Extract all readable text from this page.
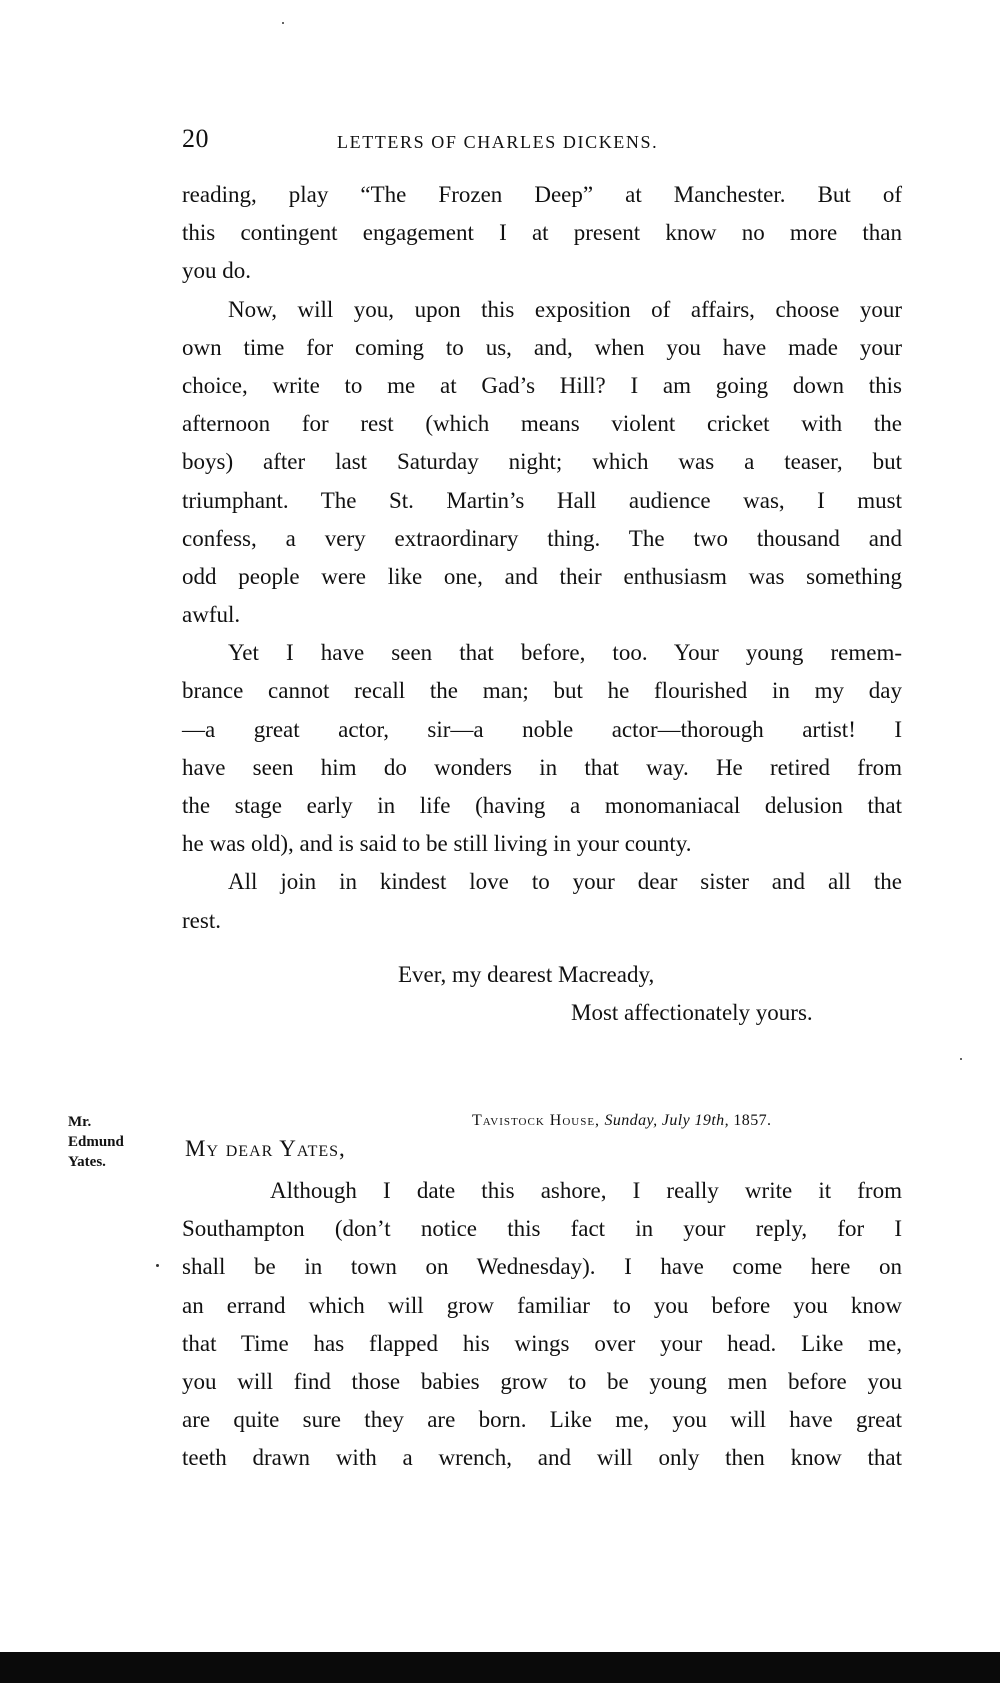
20	LETTERS OF CHARLES DICKENS.
reading, play “The Frozen Deep” at Manchester. But of
this contingent engagement I at present know no more than
you do.
Now, will you, upon this exposition of affairs, choose your
own time for coming to us, and, when you have made your
choice, write to me at Gad’s Hill? I am going down this
afternoon for rest (which means violent cricket with the
boys) after last Saturday night; which was a teaser, but
triumphant. The St. Martin’s Hall audience was, I must
confess, a very extraordinary thing. The two thousand and
odd people were like one, and their enthusiasm was something
awful.
Yet I have seen that before, too. Your young remem-
brance cannot recall the man; but he flourished in my day
—a great actor, sir—a noble actor—thorough artist! I
have seen him do wonders in that way. He retired from
the stage early in life (having a monomaniacal delusion that
he was old), and is said to be still living in your county.
All join in kindest love to your dear sister and all the
rest.
Ever, my dearest Macready,
Most affectionately yours.
Mr.
Edmund
Yates.
Tavistock House, Sunday, July 19th, 1857.
My dear Yates,
Although I date this ashore, I really write it from
Southampton (don’t notice this fact in your reply, for I
shall be in town on Wednesday). I have come here on
an errand which will grow familiar to you before you know
that Time has flapped his wings over your head. Like me,
you will find those babies grow to be young men before you
are quite sure they are born. Like me, you will have great
teeth drawn with a wrench, and will only then know that
